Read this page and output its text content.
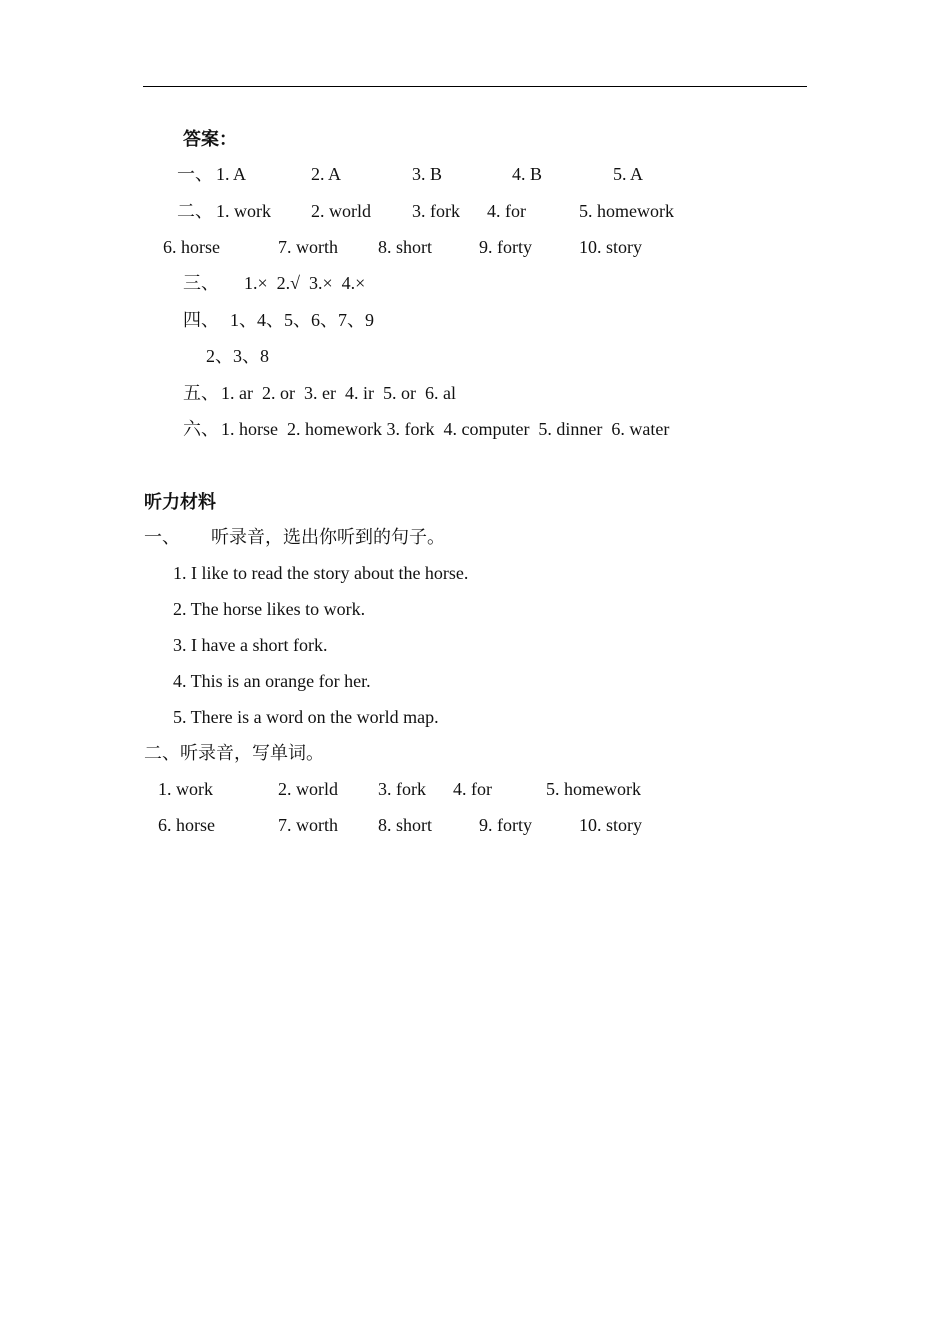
答案：
一、 1. A	2. A	3. B	4. B	5. A
二、 1. work 2. world 3. fork 4. for	5. homework
6. horse	7. worth 8. short	9. forty	10. story
三、 1.×  2.√  3.×  4.×
四、 1、4、5、6、7、9
2、3、8
五、 1. ar  2. or  3. er  4. ir  5. or  6. al
六、 1. horse  2. homework 3. fork  4. computer  5. dinner  6. water
听力材料
一、 听录音，选出你听到的句子。
1. I like to read the story about the horse.
2. The horse likes to work.
3. I have a short fork.
4. This is an orange for her.
5. There is a word on the world map.
二、听录音，写单词。
1. work	2. world 3. fork 4. for	5. homework
6. horse	7. worth 8. short	9. forty	10. story
